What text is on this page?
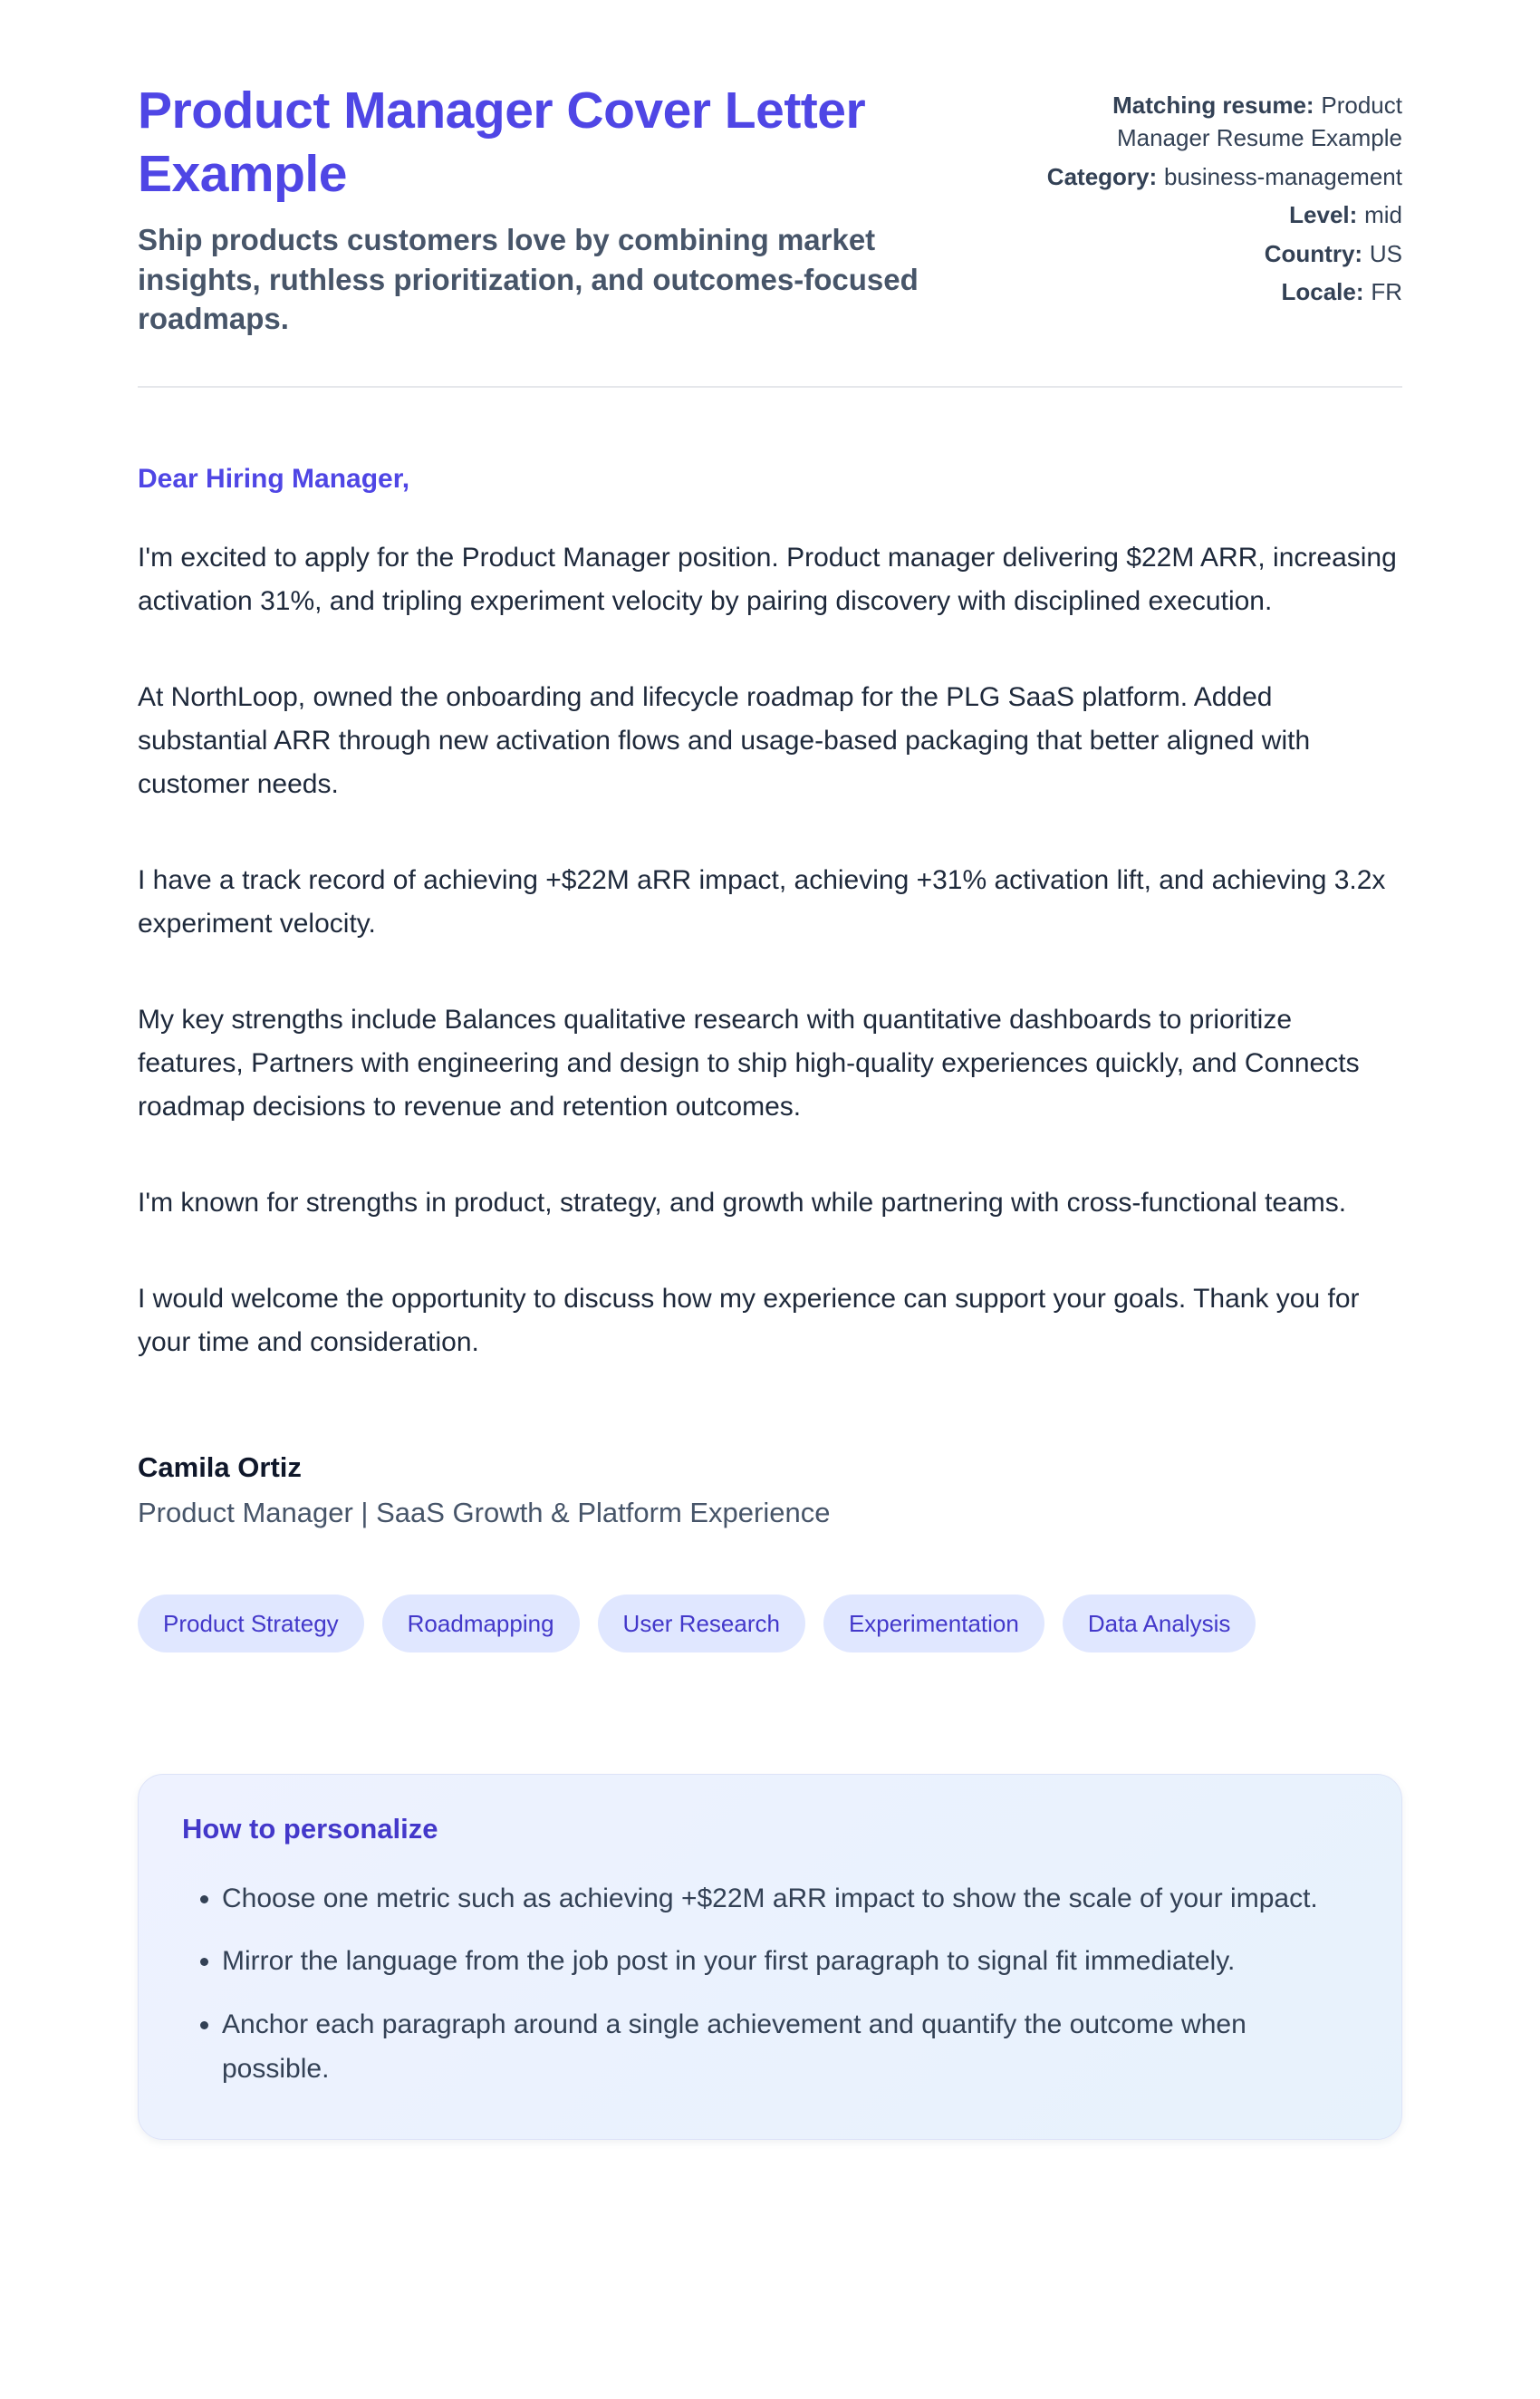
Product Manager Cover Letter Example
Ship products customers love by combining market insights, ruthless prioritization, and outcomes-focused roadmaps.
Matching resume: Product Manager Resume Example
Category: business-management
Level: mid
Country: US
Locale: FR
Dear Hiring Manager,

I'm excited to apply for the Product Manager position. Product manager delivering $22M ARR, increasing activation 31%, and tripling experiment velocity by pairing discovery with disciplined execution.

At NorthLoop, owned the onboarding and lifecycle roadmap for the PLG SaaS platform. Added substantial ARR through new activation flows and usage-based packaging that better aligned with customer needs.

I have a track record of achieving +$22M aRR impact, achieving +31% activation lift, and achieving 3.2x experiment velocity.

My key strengths include Balances qualitative research with quantitative dashboards to prioritize features, Partners with engineering and design to ship high-quality experiences quickly, and Connects roadmap decisions to revenue and retention outcomes.

I'm known for strengths in product, strategy, and growth while partnering with cross-functional teams.

I would welcome the opportunity to discuss how my experience can support your goals. Thank you for your time and consideration.

Camila Ortiz
Product Manager | SaaS Growth & Platform Experience
Product Strategy	Roadmapping	User Research	Experimentation	Data Analysis
How to personalize
• Choose one metric such as achieving +$22M aRR impact to show the scale of your impact.
• Mirror the language from the job post in your first paragraph to signal fit immediately.
• Anchor each paragraph around a single achievement and quantify the outcome when possible.
